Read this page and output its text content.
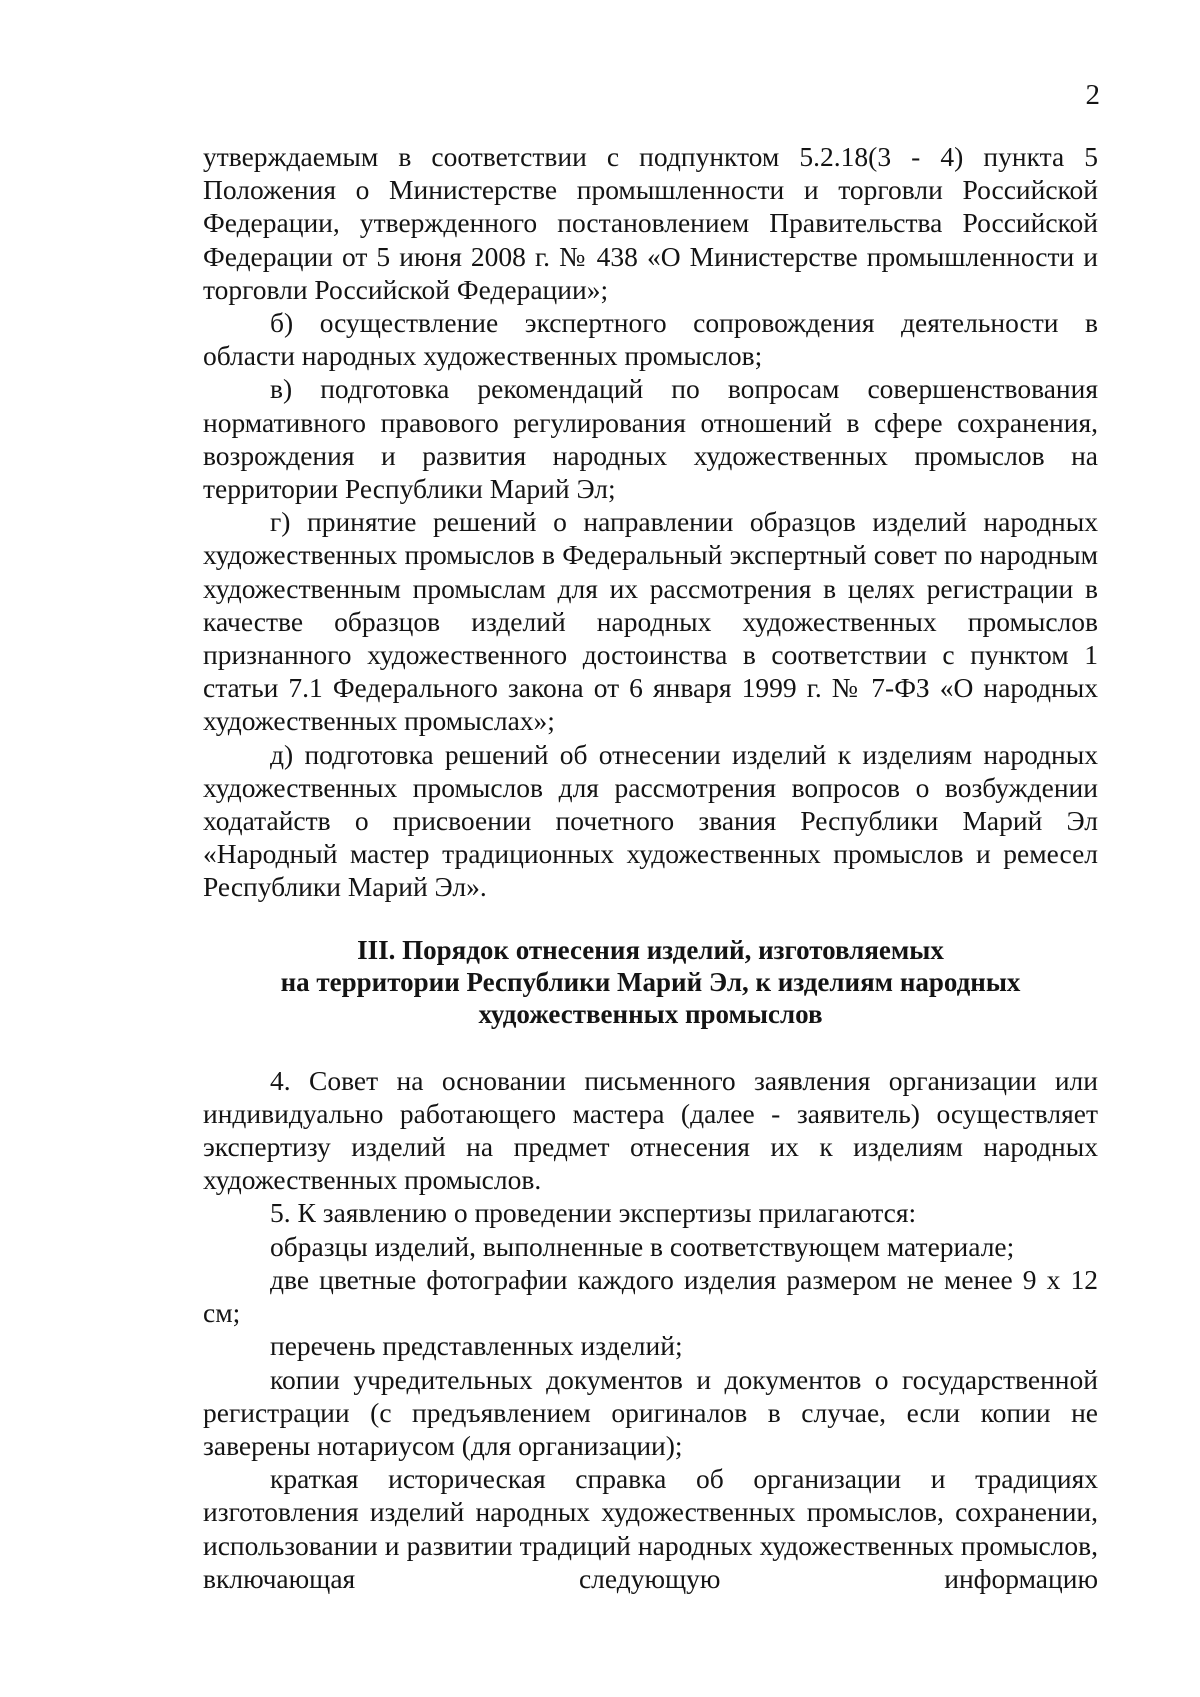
2

утверждаемым в соответствии с подпунктом 5.2.18(3 - 4) пункта 5 Положения о Министерстве промышленности и торговли Российской Федерации, утвержденного постановлением Правительства Российской Федерации от 5 июня 2008 г. № 438 «О Министерстве промышленности и торговли Российской Федерации»;

б) осуществление экспертного сопровождения деятельности в области народных художественных промыслов;

в) подготовка рекомендаций по вопросам совершенствования нормативного правового регулирования отношений в сфере сохранения, возрождения и развития народных художественных промыслов на территории Республики Марий Эл;

г) принятие решений о направлении образцов изделий народных художественных промыслов в Федеральный экспертный совет по народным художественным промыслам для их рассмотрения в целях регистрации в качестве образцов изделий народных художественных промыслов признанного художественного достоинства в соответствии с пунктом 1 статьи 7.1 Федерального закона от 6 января 1999 г. № 7-ФЗ «О народных художественных промыслах»;

д) подготовка решений об отнесении изделий к изделиям народных художественных промыслов для рассмотрения вопросов о возбуждении ходатайств о присвоении почетного звания Республики Марий Эл «Народный мастер традиционных художественных промыслов и ремесел Республики Марий Эл».

III. Порядок отнесения изделий, изготовляемых
на территории Республики Марий Эл, к изделиям народных
художественных промыслов

4. Совет на основании письменного заявления организации или индивидуально работающего мастера (далее - заявитель) осуществляет экспертизу изделий на предмет отнесения их к изделиям народных художественных промыслов.

5. К заявлению о проведении экспертизы прилагаются:

образцы изделий, выполненные в соответствующем материале;

две цветные фотографии каждого изделия размером не менее 9 х 12 см;

перечень представленных изделий;

копии учредительных документов и документов о государственной регистрации (с предъявлением оригиналов в случае, если копии не заверены нотариусом (для организации);

краткая историческая справка об организации и традициях изготовления изделий народных художественных промыслов, сохранении, использовании и развитии традиций народных художественных промыслов, включающая следующую информацию
